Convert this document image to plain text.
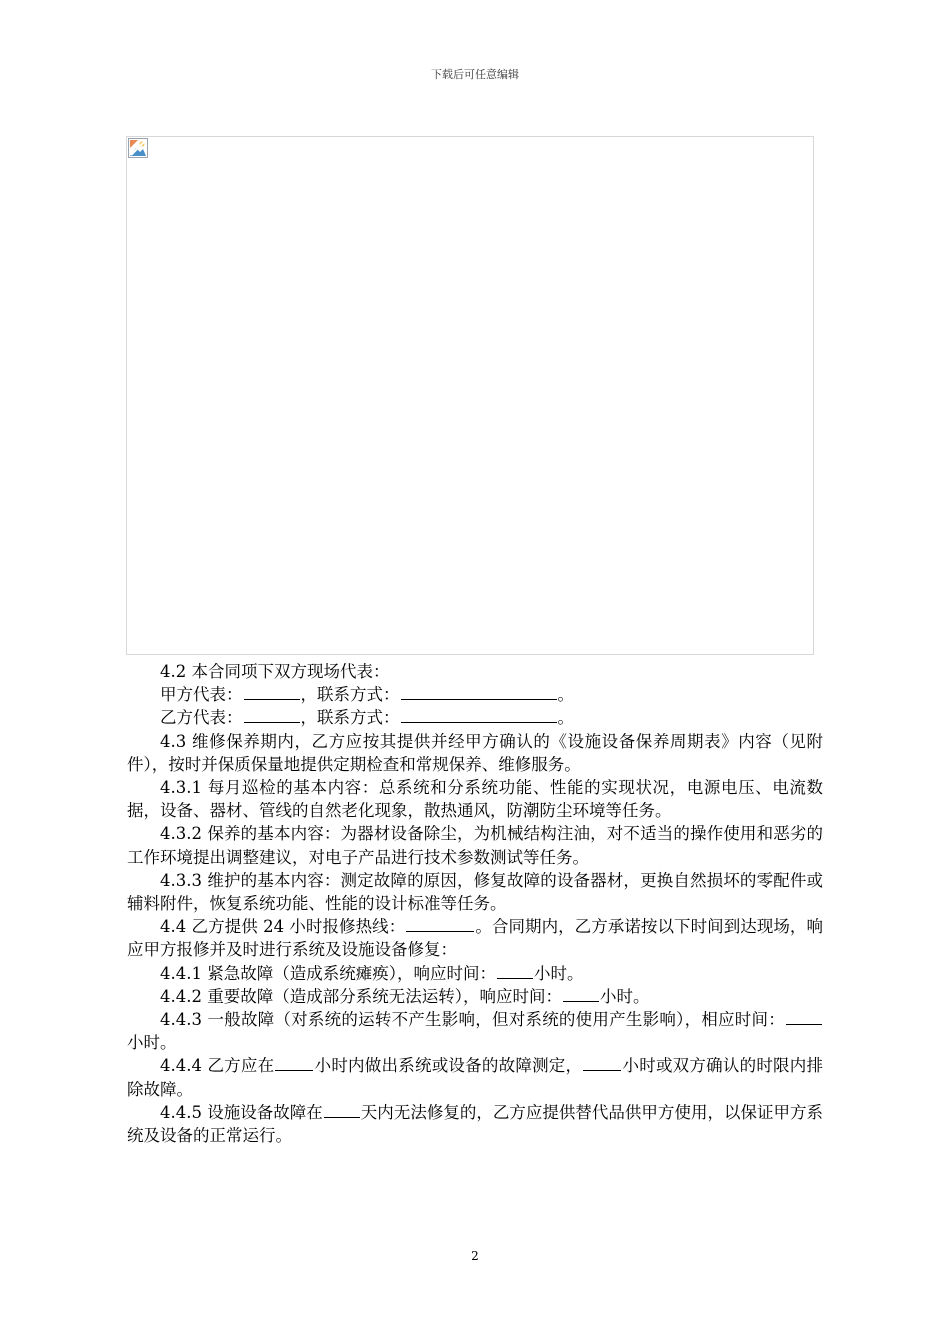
下载后可任意编辑

4.2 本合同项下双方现场代表：

甲方代表：	，联系方式：	。

乙方代表：	，联系方式：	。

4.3 维修保养期内，乙方应按其提供并经甲方确认的《设施设备保养周期表》内容（见附件），按时并保质保量地提供定期检查和常规保养、维修服务。

4.3.1 每月巡检的基本内容：总系统和分系统功能、性能的实现状况，电源电压、电流数据，设备、器材、管线的自然老化现象，散热通风，防潮防尘环境等任务。

4.3.2 保养的基本内容：为器材设备除尘，为机械结构注油，对不适当的操作使用和恶劣的工作环境提出调整建议，对电子产品进行技术参数测试等任务。

4.3.3 维护的基本内容：测定故障的原因，修复故障的设备器材，更换自然损坏的零配件或辅料附件，恢复系统功能、性能的设计标准等任务。

4.4 乙方提供 24 小时报修热线：	。合同期内，乙方承诺按以下时间到达现场，响应甲方报修并及时进行系统及设施设备修复：

4.4.1 紧急故障（造成系统瘫痪），响应时间： 小时。

4.4.2 重要故障（造成部分系统无法运转），响应时间： 小时。

4.4.3 一般故障（对系统的运转不产生影响，但对系统的使用产生影响），相应时间：小时。

4.4.4 乙方应在 小时内做出系统或设备的故障测定， 小时或双方确认的时限内排除故障。

4.4.5 设施设备故障在 天内无法修复的，乙方应提供替代品供甲方使用，以保证甲方系统及设备的正常运行。

2
